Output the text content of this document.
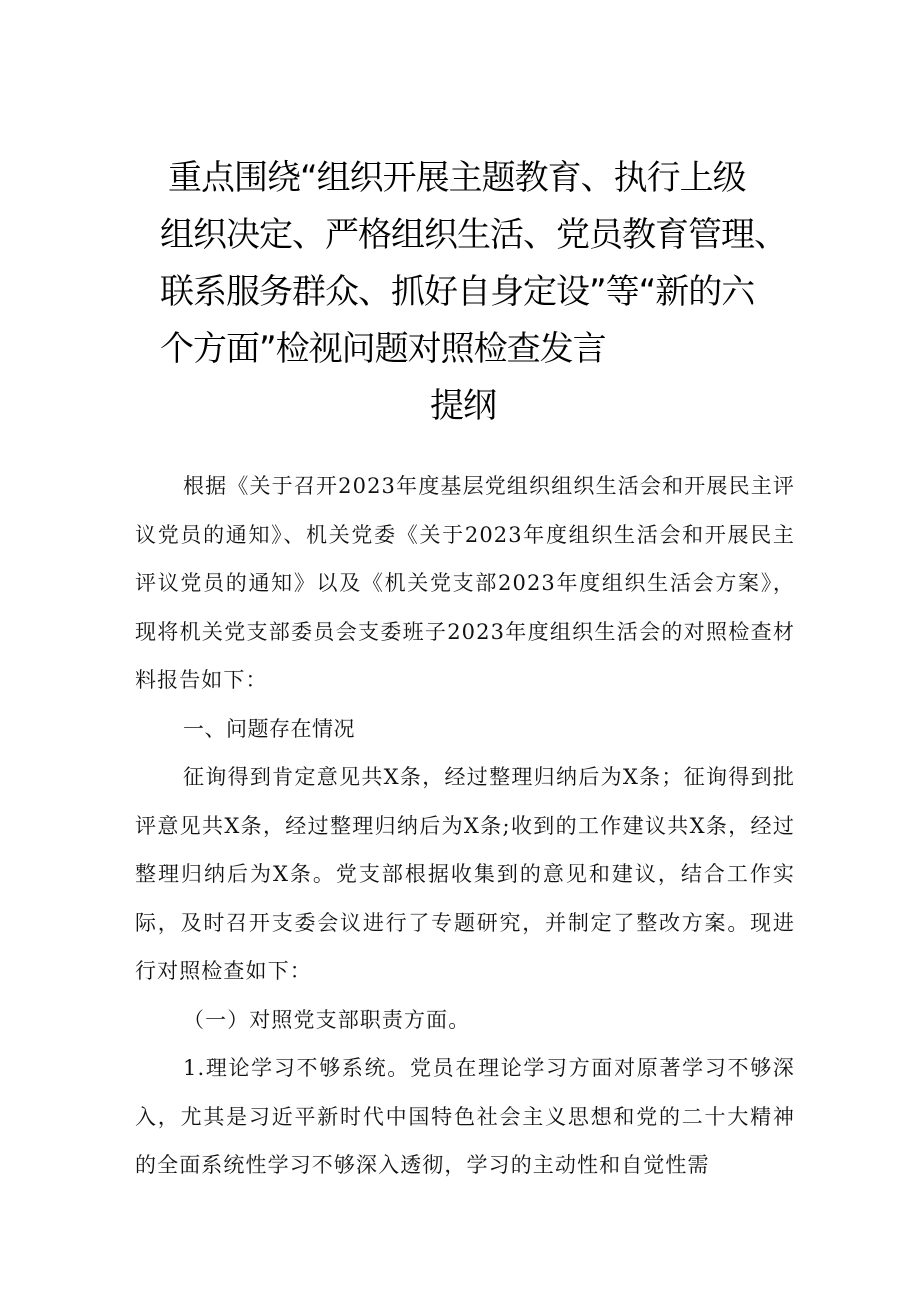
重点围绕“组织开展主题教育、执行上级
组织决定、严格组织生活、党员教育管理、
联系服务群众、抓好自身定设”等“新的六
个方面”检视问题对照检查发言
提纲

根据《关于召开2023年度基层党组织组织生活会和开展民主评议党员的通知》、机关党委《关于2023年度组织生活会和开展民主评议党员的通知》以及《机关党支部2023年度组织生活会方案》，现将机关党支部委员会支委班子2023年度组织生活会的对照检查材料报告如下：

一、问题存在情况

征询得到肯定意见共X条，经过整理归纳后为X条；征询得到批评意见共X条，经过整理归纳后为X条;收到的工作建议共X条，经过整理归纳后为X条。党支部根据收集到的意见和建议，结合工作实际，及时召开支委会议进行了专题研究，并制定了整改方案。现进行对照检查如下：

（一）对照党支部职责方面。

1.理论学习不够系统。党员在理论学习方面对原著学习不够深入，尤其是习近平新时代中国特色社会主义思想和党的二十大精神的全面系统性学习不够深入透彻，学习的主动性和自觉性需
